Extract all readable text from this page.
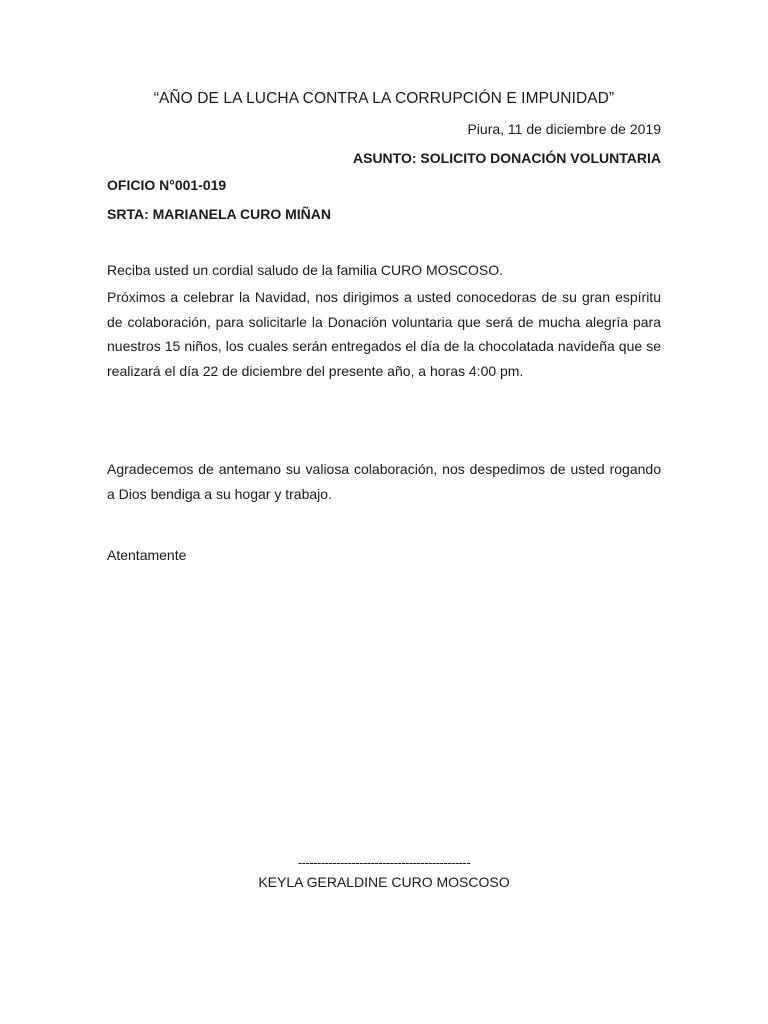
“AÑO DE LA LUCHA CONTRA LA CORRUPCIÓN E IMPUNIDAD”
Piura, 11 de diciembre de 2019
ASUNTO: SOLICITO DONACIÓN VOLUNTARIA
OFICIO N°001-019
SRTA: MARIANELA CURO MIÑAN
Reciba usted un cordial saludo de la familia CURO MOSCOSO.
Próximos a celebrar la Navidad, nos dirigimos a usted conocedoras de su gran espíritu de colaboración, para solicitarle la Donación voluntaria que será de mucha alegría para nuestros 15 niños, los cuales serán entregados el día de la chocolatada navideña que se realizará el día 22 de diciembre del presente año, a horas 4:00 pm.
Agradecemos de antemano su valiosa colaboración, nos despedimos de usted rogando a Dios bendiga a su hogar y trabajo.
Atentamente
---------------------------------------------
KEYLA GERALDINE CURO MOSCOSO
